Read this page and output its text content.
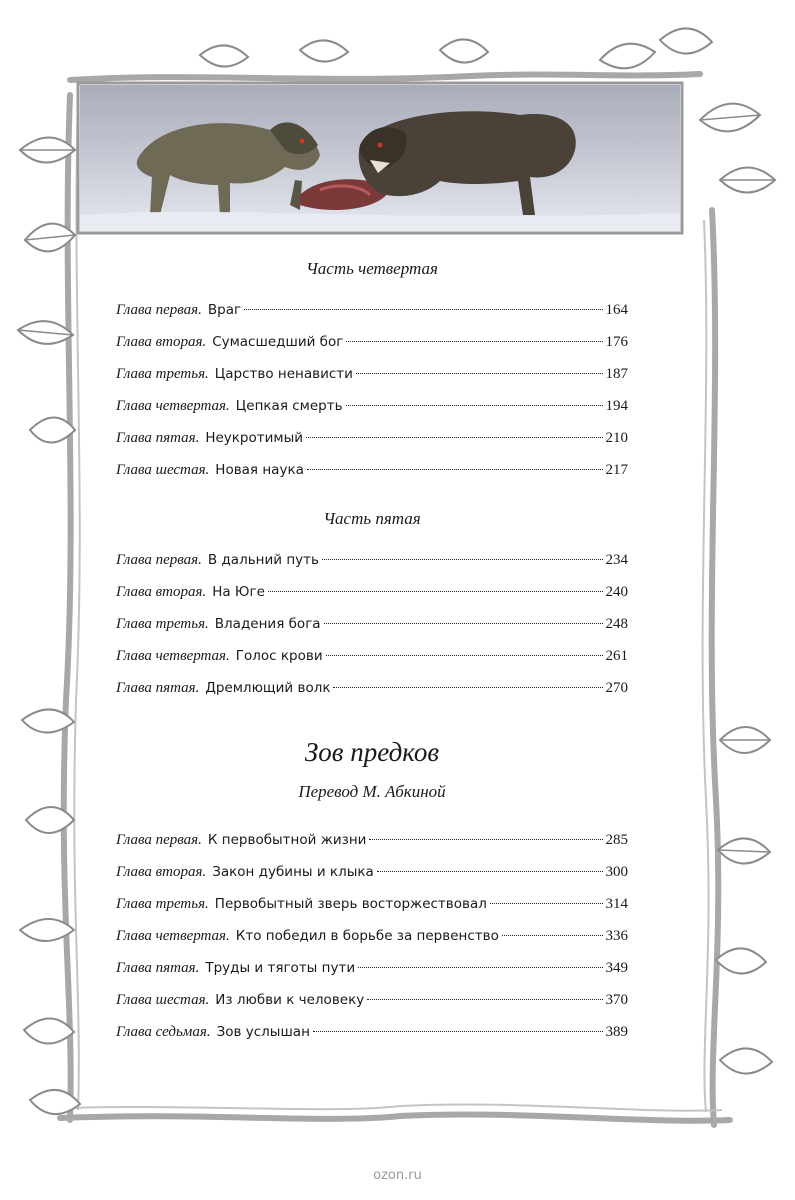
Часть четвертая
Глава первая. Враг	164
Глава вторая. Сумасшедший бог	176
Глава третья. Царство ненависти	187
Глава четвертая. Цепкая смерть	194
Глава пятая. Неукротимый	210
Глава шестая. Новая наука	217
Часть пятая
Глава первая. В дальний путь	234
Глава вторая. На Юге	240
Глава третья. Владения бога	248
Глава четвертая. Голос крови	261
Глава пятая. Дремлющий волк	270
Зов предков
Перевод М. Абкиной
Глава первая. К первобытной жизни	285
Глава вторая. Закон дубины и клыка	300
Глава третья. Первобытный зверь восторжествовал	314
Глава четвертая. Кто победил в борьбе за первенство	336
Глава пятая. Труды и тяготы пути	349
Глава шестая. Из любви к человеку	370
Глава седьмая. Зов услышан	389
ozon.ru
